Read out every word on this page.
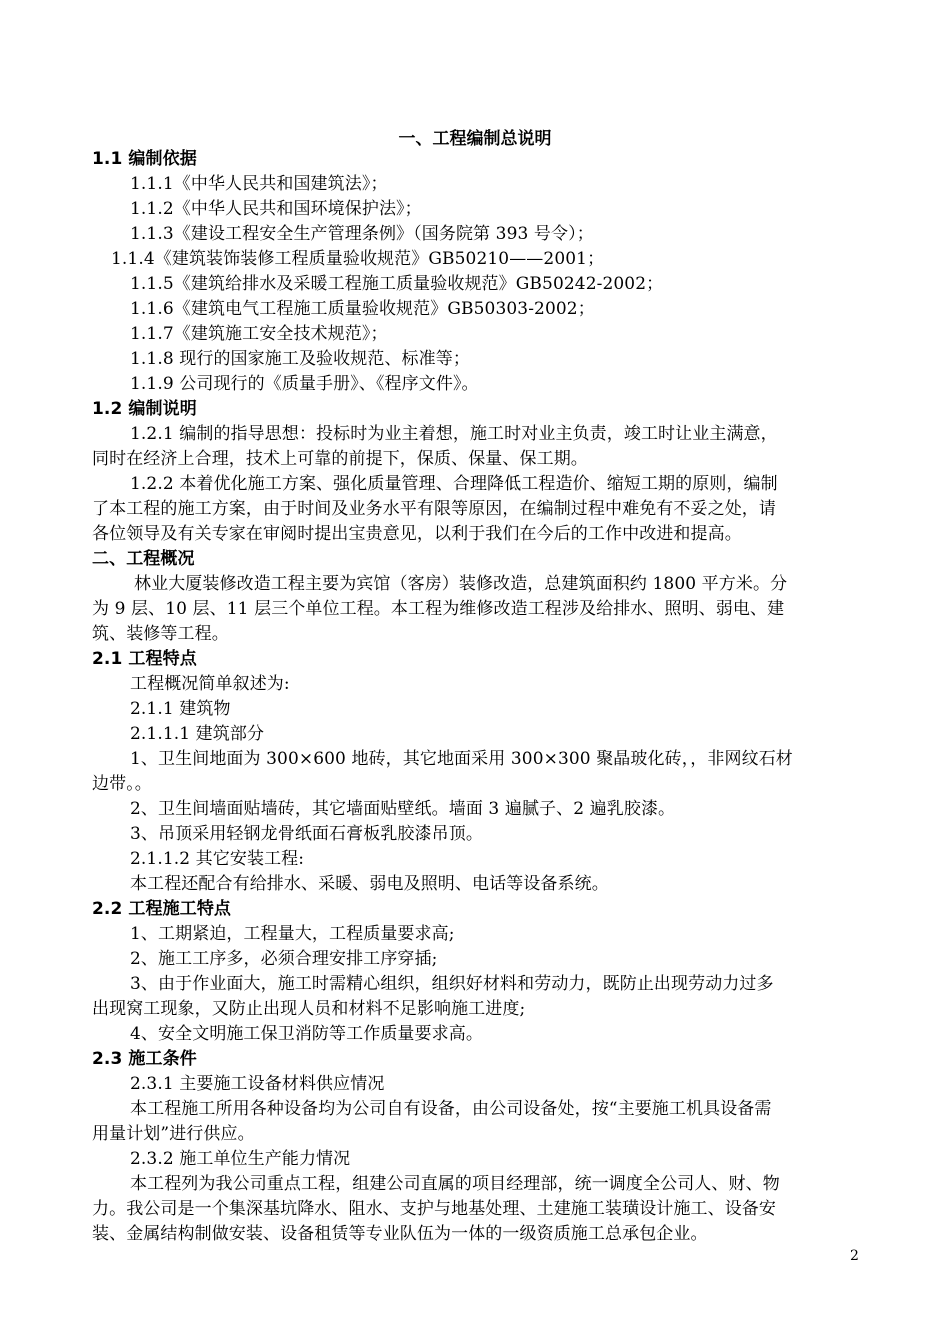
一、工程编制总说明
1.1 编制依据
1.1.1《中华人民共和国建筑法》；
1.1.2《中华人民共和国环境保护法》；
1.1.3《建设工程安全生产管理条例》（国务院第 393 号令）；
1.1.4《建筑装饰装修工程质量验收规范》GB50210——2001；
1.1.5《建筑给排水及采暖工程施工质量验收规范》GB50242-2002；
1.1.6《建筑电气工程施工质量验收规范》GB50303-2002；
1.1.7《建筑施工安全技术规范》；
1.1.8 现行的国家施工及验收规范、标准等；
1.1.9 公司现行的《质量手册》、《程序文件》。
1.2 编制说明
1.2.1 编制的指导思想：投标时为业主着想，施工时对业主负责，竣工时让业主满意，
同时在经济上合理，技术上可靠的前提下，保质、保量、保工期。
1.2.2 本着优化施工方案、强化质量管理、合理降低工程造价、缩短工期的原则，编制
了本工程的施工方案，由于时间及业务水平有限等原因，在编制过程中难免有不妥之处，请
各位领导及有关专家在审阅时提出宝贵意见，以利于我们在今后的工作中改进和提高。
二、工程概况
林业大厦装修改造工程主要为宾馆（客房）装修改造，总建筑面积约 1800 平方米。分
为 9 层、10 层、11 层三个单位工程。本工程为维修改造工程涉及给排水、照明、弱电、建
筑、装修等工程。
2.1 工程特点
工程概况简单叙述为:
2.1.1 建筑物
2.1.1.1 建筑部分
1、卫生间地面为 300×600 地砖，其它地面采用 300×300 聚晶玻化砖，，非网纹石材
边带。。
2、卫生间墙面贴墙砖，其它墙面贴壁纸。墙面 3 遍腻子、2 遍乳胶漆。
3、吊顶采用轻钢龙骨纸面石膏板乳胶漆吊顶。
2.1.1.2 其它安装工程:
本工程还配合有给排水、采暖、弱电及照明、电话等设备系统。
2.2 工程施工特点
1、工期紧迫，工程量大，工程质量要求高;
2、施工工序多，必须合理安排工序穿插;
3、由于作业面大，施工时需精心组织，组织好材料和劳动力，既防止出现劳动力过多
出现窝工现象，又防止出现人员和材料不足影响施工进度;
4、安全文明施工保卫消防等工作质量要求高。
2.3 施工条件
2.3.1 主要施工设备材料供应情况
本工程施工所用各种设备均为公司自有设备，由公司设备处，按“主要施工机具设备需
用量计划”进行供应。
2.3.2 施工单位生产能力情况
本工程列为我公司重点工程，组建公司直属的项目经理部，统一调度全公司人、财、物
力。我公司是一个集深基坑降水、阻水、支护与地基处理、土建施工装璜设计施工、设备安
装、金属结构制做安装、设备租赁等专业队伍为一体的一级资质施工总承包企业。
2
